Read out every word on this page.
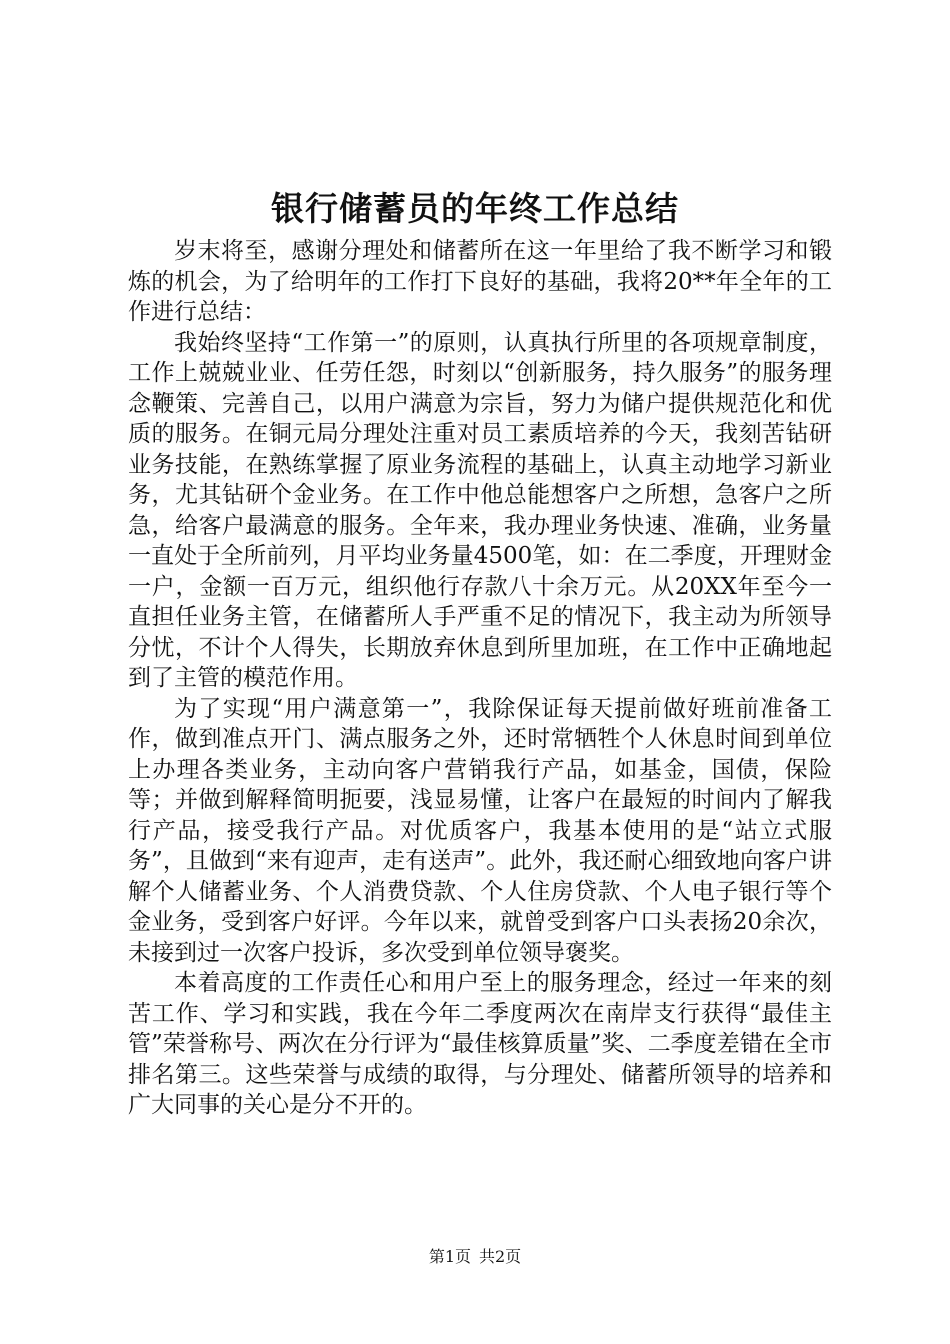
银行储蓄员的年终工作总结

岁末将至，感谢分理处和储蓄所在这一年里给了我不断学习和锻炼的机会，为了给明年的工作打下良好的基础，我将20**年全年的工作进行总结：

我始终坚持“工作第一”的原则，认真执行所里的各项规章制度，工作上兢兢业业、任劳任怨，时刻以“创新服务，持久服务”的服务理念鞭策、完善自己，以用户满意为宗旨，努力为储户提供规范化和优质的服务。在铜元局分理处注重对员工素质培养的今天，我刻苦钻研业务技能，在熟练掌握了原业务流程的基础上，认真主动地学习新业务，尤其钻研个金业务。在工作中他总能想客户之所想，急客户之所急，给客户最满意的服务。全年来，我办理业务快速、准确，业务量一直处于全所前列，月平均业务量4500笔，如：在二季度，开理财金一户，金额一百万元，组织他行存款八十余万元。从20XX年至今一直担任业务主管，在储蓄所人手严重不足的情况下，我主动为所领导分忧，不计个人得失，长期放弃休息到所里加班，在工作中正确地起到了主管的模范作用。

为了实现“用户满意第一”，我除保证每天提前做好班前准备工作，做到准点开门、满点服务之外，还时常牺牲个人休息时间到单位上办理各类业务，主动向客户营销我行产品，如基金，国债，保险等；并做到解释简明扼要，浅显易懂，让客户在最短的时间内了解我行产品，接受我行产品。对优质客户，我基本使用的是“站立式服务”，且做到“来有迎声，走有送声”。此外，我还耐心细致地向客户讲解个人储蓄业务、个人消费贷款、个人住房贷款、个人电子银行等个金业务，受到客户好评。今年以来，就曾受到客户口头表扬20余次，未接到过一次客户投诉，多次受到单位领导褒奖。

本着高度的工作责任心和用户至上的服务理念，经过一年来的刻苦工作、学习和实践，我在今年二季度两次在南岸支行获得“最佳主管”荣誉称号、两次在分行评为“最佳核算质量”奖、二季度差错在全市排名第三。这些荣誉与成绩的取得，与分理处、储蓄所领导的培养和广大同事的关心是分不开的。

第1页 共2页
